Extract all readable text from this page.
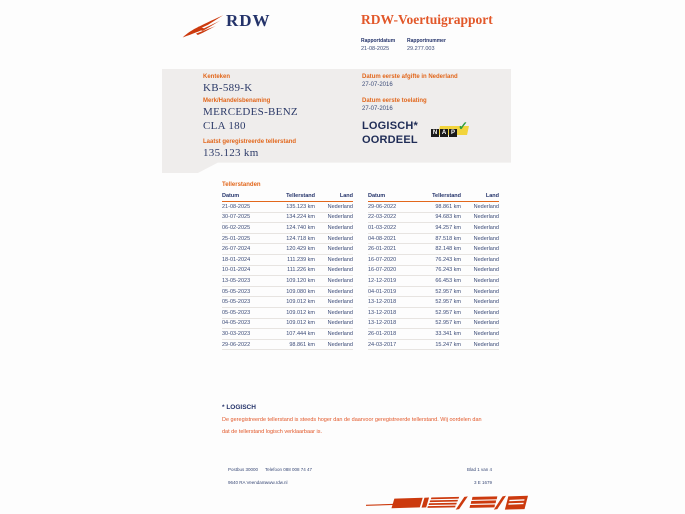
RDW	RDW-Voertuigrapport
Rapportdatum
21-08-2025
Rapportnummer
29.277.003
Kenteken
KB-589-K
Merk/Handelsbenaming
MERCEDES-BENZ
CLA 180
Laatst geregistreerde tellerstand
135.123 km
Datum eerste afgifte in Nederland
27-07-2016
Datum eerste toelating
27-07-2016
LOGISCH*
OORDEEL
N A P ✓
Tellerstanden
Datum	Tellerstand	Land
21-08-2025	135.123 km	Nederland
30-07-2025	134.224 km	Nederland
06-02-2025	124.740 km	Nederland
25-01-2025	124.718 km	Nederland
26-07-2024	120.429 km	Nederland
18-01-2024	111.239 km	Nederland
10-01-2024	111.226 km	Nederland
13-05-2023	109.120 km	Nederland
05-05-2023	109.080 km	Nederland
05-05-2023	109.012 km	Nederland
05-05-2023	109.012 km	Nederland
04-05-2023	109.012 km	Nederland
30-03-2023	107.444 km	Nederland
29-06-2022	98.861 km	Nederland
Datum	Tellerstand	Land
29-06-2022	98.861 km	Nederland
22-03-2022	94.683 km	Nederland
01-03-2022	94.257 km	Nederland
04-08-2021	87.518 km	Nederland
26-01-2021	82.148 km	Nederland
16-07-2020	76.243 km	Nederland
16-07-2020	76.243 km	Nederland
12-12-2019	66.453 km	Nederland
04-01-2019	52.957 km	Nederland
13-12-2018	52.957 km	Nederland
13-12-2018	52.957 km	Nederland
13-12-2018	52.957 km	Nederland
26-01-2018	33.341 km	Nederland
24-03-2017	15.247 km	Nederland
* LOGISCH
De geregistreerde tellerstand is steeds hoger dan de daarvoor geregistreerde tellerstand. Wij oordelen dan
dat de tellerstand logisch verklaarbaar is.
Postbus 30000
9640 RA Veendam
Telefoon 088 008 74 47
www.rdw.nl
Blad 1 van 4
3 E 1679
